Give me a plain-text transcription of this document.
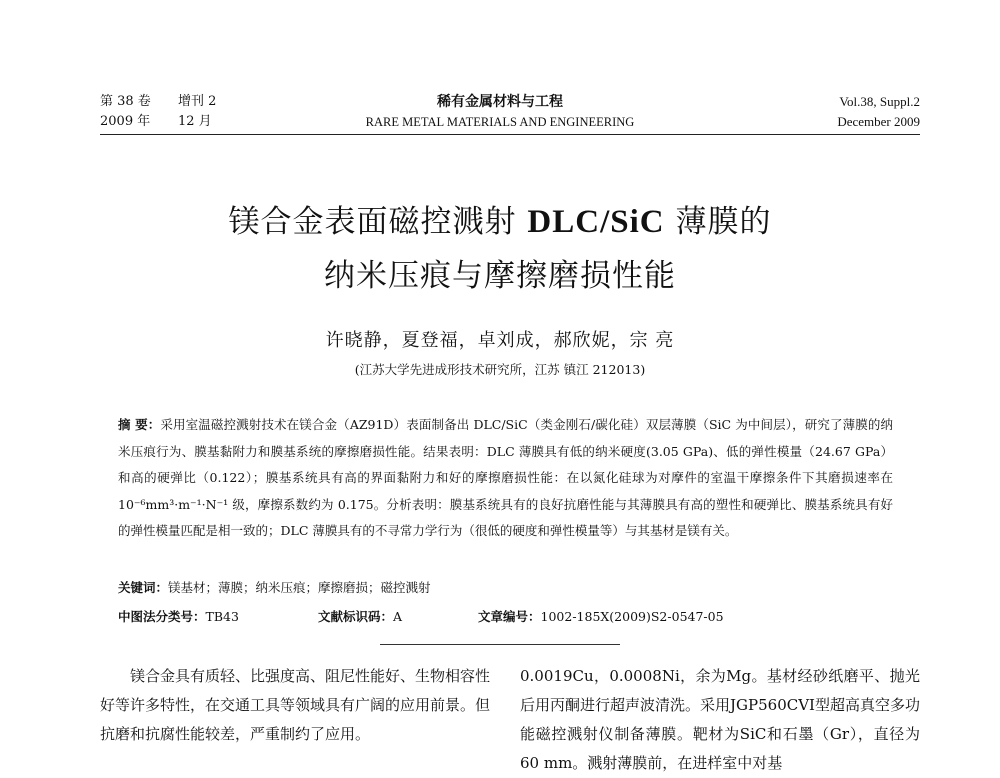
第 38 卷 增刊 2
2009 年 12 月
稀有金属材料与工程
RARE METAL MATERIALS AND ENGINEERING
Vol.38, Suppl.2
December 2009
镁合金表面磁控溅射 DLC/SiC 薄膜的
纳米压痕与摩擦磨损性能
许晓静，夏登福，卓刘成，郝欣妮，宗 亮
(江苏大学先进成形技术研究所，江苏 镇江 212013)
摘 要：采用室温磁控溅射技术在镁合金（AZ91D）表面制备出 DLC/SiC（类金刚石/碳化硅）双层薄膜（SiC 为中间层），研究了薄膜的纳米压痕行为、膜基黏附力和膜基系统的摩擦磨损性能。结果表明：DLC 薄膜具有低的纳米硬度(3.05 GPa)、低的弹性模量（24.67 GPa）和高的硬弹比（0.122）；膜基系统具有高的界面黏附力和好的摩擦磨损性能：在以氮化硅球为对摩件的室温干摩擦条件下其磨损速率在 10⁻⁶mm³·m⁻¹·N⁻¹ 级，摩擦系数约为 0.175。分析表明：膜基系统具有的良好抗磨性能与其薄膜具有高的塑性和硬弹比、膜基系统具有好的弹性模量匹配是相一致的；DLC 薄膜具有的不寻常力学行为（很低的硬度和弹性模量等）与其基材是镁有关。
关键词：镁基材；薄膜；纳米压痕；摩擦磨损；磁控溅射
中图法分类号：TB43	文献标识码：A	文章编号：1002-185X(2009)S2-0547-05
镁合金具有质轻、比强度高、阻尼性能好、生物相容性好等许多特性，在交通工具等领域具有广阔的应用前景。但抗磨和抗腐性能较差，严重制约了应用。
0.0019Cu，0.0008Ni，余为Mg。基材经砂纸磨平、抛光后用丙酮进行超声波清洗。采用JGP560CVI型超高真空多功能磁控溅射仪制备薄膜。靶材为SiC和石墨（Gr），直径为60 mm。溅射薄膜前，在进样室中对基
